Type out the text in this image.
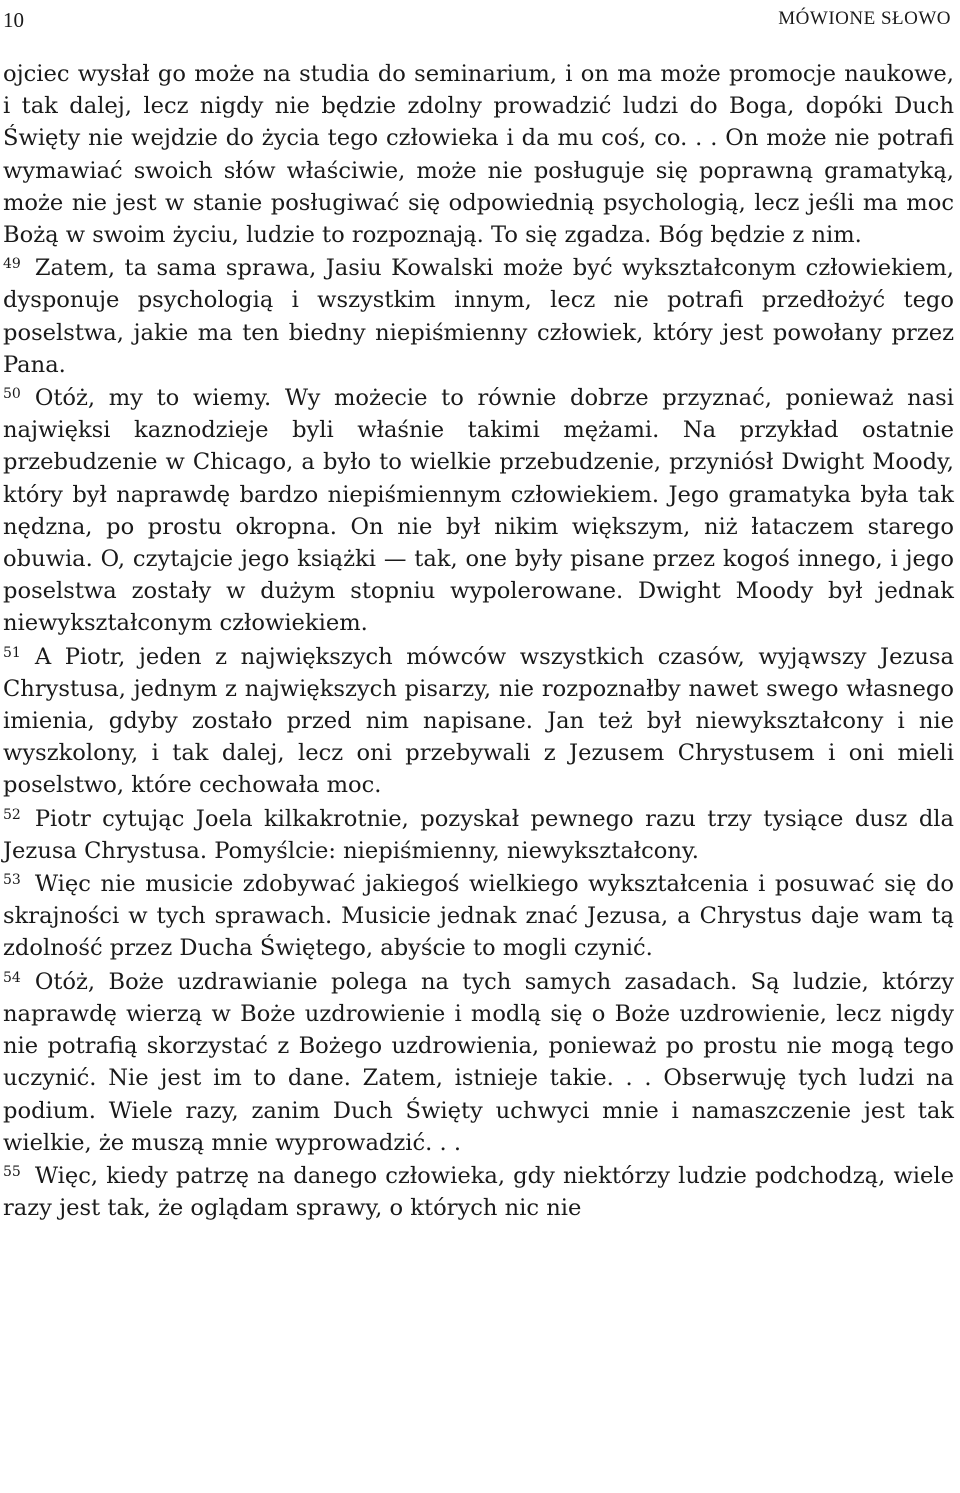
10	MÓWIONE SŁOWO

ojciec wysłał go może na studia do seminarium, i on ma może promocje naukowe, i tak dalej, lecz nigdy nie będzie zdolny prowadzić ludzi do Boga, dopóki Duch Święty nie wejdzie do życia tego człowieka i da mu coś, co. . . On może nie potrafi wymawiać swoich słów właściwie, może nie posługuje się poprawną gramatyką, może nie jest w stanie posługiwać się odpowiednią psychologią, lecz jeśli ma moc Bożą w swoim życiu, ludzie to rozpoznają. To się zgadza. Bóg będzie z nim.

$^{49}$ Zatem, ta sama sprawa, Jasiu Kowalski może być wykształconym człowiekiem, dysponuje psychologią i wszystkim innym, lecz nie potrafi przedłożyć tego poselstwa, jakie ma ten biedny niepiśmienny człowiek, który jest powołany przez Pana.

$^{50}$ Otóż, my to wiemy. Wy możecie to równie dobrze przyznać, ponieważ nasi najwięksi kaznodzieje byli właśnie takimi mężami. Na przykład ostatnie przebudzenie w Chicago, a było to wielkie przebudzenie, przyniósł Dwight Moody, który był naprawdę bardzo niepiśmiennym człowiekiem. Jego gramatyka była tak nędzna, po prostu okropna. On nie był nikim większym, niż łataczem starego obuwia. O, czytajcie jego książki — tak, one były pisane przez kogoś innego, i jego poselstwa zostały w dużym stopniu wypolerowane. Dwight Moody był jednak niewykształconym człowiekiem.

$^{51}$ A Piotr, jeden z największych mówców wszystkich czasów, wyjąwszy Jezusa Chrystusa, jednym z największych pisarzy, nie rozpoznałby nawet swego własnego imienia, gdyby zostało przed nim napisane. Jan też był niewykształcony i nie wyszkolony, i tak dalej, lecz oni przebywali z Jezusem Chrystusem i oni mieli poselstwo, które cechowała moc.

$^{52}$ Piotr cytując Joela kilkakrotnie, pozyskał pewnego razu trzy tysiące dusz dla Jezusa Chrystusa. Pomyślcie: niepiśmienny, niewykształcony.

$^{53}$ Więc nie musicie zdobywać jakiegoś wielkiego wykształcenia i posuwać się do skrajności w tych sprawach. Musicie jednak znać Jezusa, a Chrystus daje wam tą zdolność przez Ducha Świętego, abyście to mogli czynić.

$^{54}$ Otóż, Boże uzdrawianie polega na tych samych zasadach. Są ludzie, którzy naprawdę wierzą w Boże uzdrowienie i modlą się o Boże uzdrowienie, lecz nigdy nie potrafią skorzystać z Bożego uzdrowienia, ponieważ po prostu nie mogą tego uczynić. Nie jest im to dane. Zatem, istnieje takie. . . Obserwuję tych ludzi na podium. Wiele razy, zanim Duch Święty uchwyci mnie i namaszczenie jest tak wielkie, że muszą mnie wyprowadzić. . .

$^{55}$ Więc, kiedy patrzę na danego człowieka, gdy niektórzy ludzie podchodzą, wiele razy jest tak, że oglądam sprawy, o których nic nie
